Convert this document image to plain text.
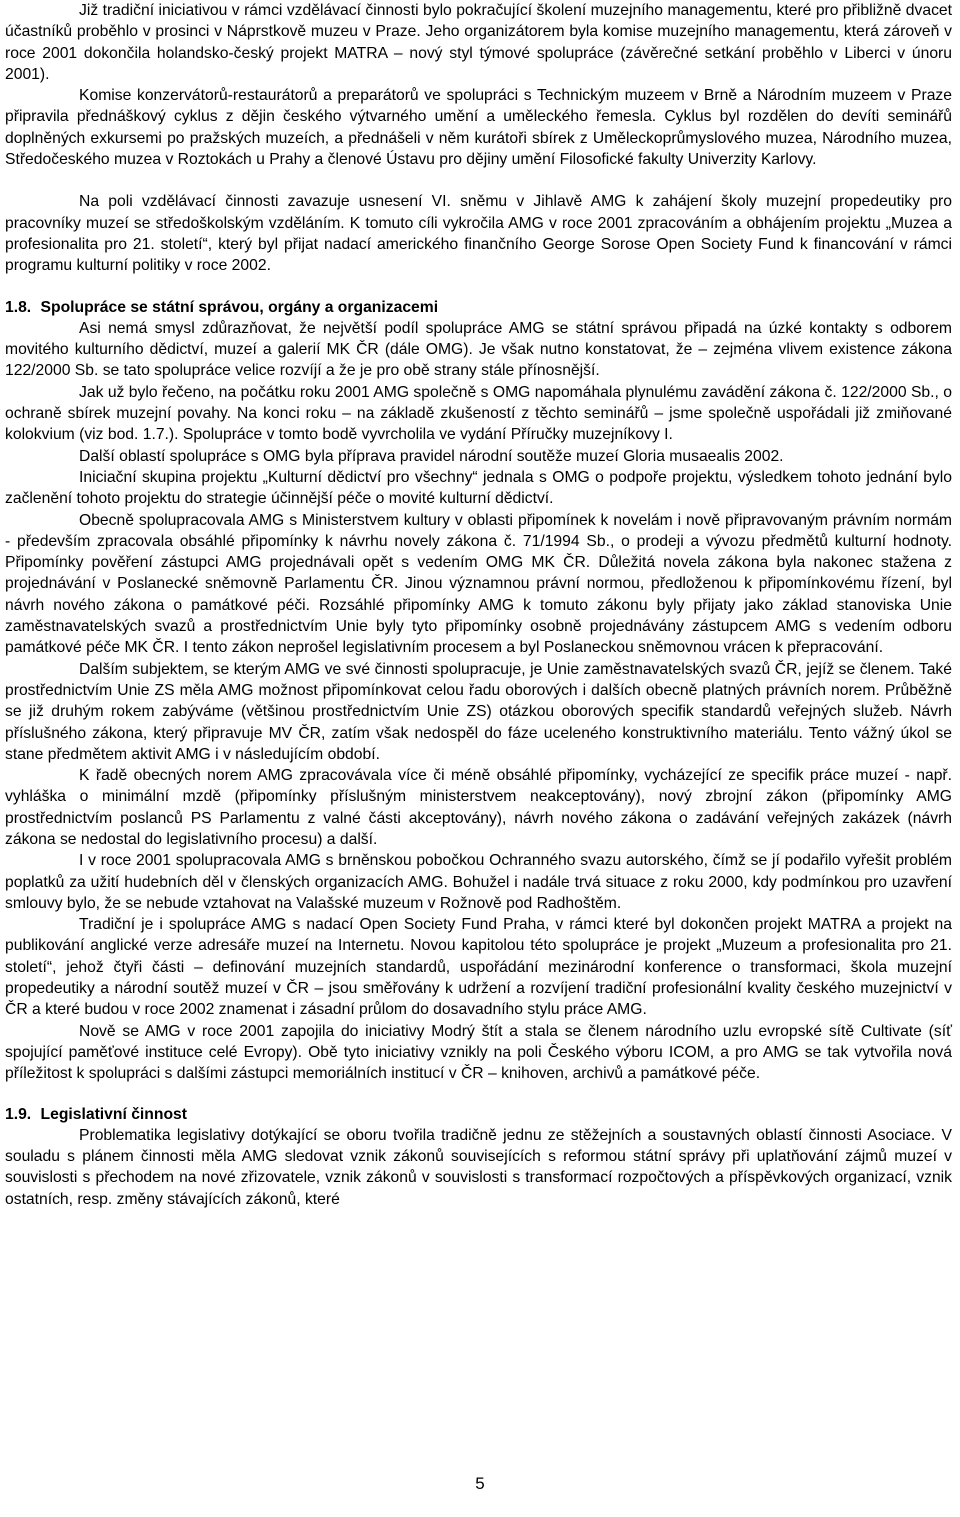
Již tradiční iniciativou v rámci vzdělávací činnosti bylo pokračující školení muzejního managementu, které pro přibližně dvacet účastníků proběhlo v prosinci v Náprstkově muzeu v Praze. Jeho organizátorem byla komise muzejního managementu, která zároveň v roce 2001 dokončila holandsko-český projekt MATRA – nový styl týmové spolupráce (závěrečné setkání proběhlo v Liberci v únoru 2001).

Komise konzervátorů-restaurátorů a preparátorů ve spolupráci s Technickým muzeem v Brně a Národním muzeem v Praze připravila přednáškový cyklus z dějin českého výtvarného umění a uměleckého řemesla. Cyklus byl rozdělen do devíti seminářů doplněných exkursemi po pražských muzeích, a přednášeli v něm kurátoři sbírek z Uměleckoprůmyslového muzea, Národního muzea, Středočeského muzea v Roztokách u Prahy a členové Ústavu pro dějiny umění Filosofické fakulty Univerzity Karlovy.

Na poli vzdělávací činnosti zavazuje usnesení VI. sněmu v Jihlavě AMG k zahájení školy muzejní propedeutiky pro pracovníky muzeí se středoškolským vzděláním. K tomuto cíli vykročila AMG v roce 2001 zpracováním a obhájením projektu „Muzea a profesionalita pro 21. století“, který byl přijat nadací amerického finančního George Sorose Open Society Fund k financování v rámci programu kulturní politiky v roce 2002.

1.8. Spolupráce se státní správou, orgány a organizacemi

Asi nemá smysl zdůrazňovat, že největší podíl spolupráce AMG se státní správou připadá na úzké kontakty s odborem movitého kulturního dědictví, muzeí a galerií MK ČR (dále OMG). Je však nutno konstatovat, že – zejména vlivem existence zákona 122/2000 Sb. se tato spolupráce velice rozvíjí a že je pro obě strany stále přínosnější.

Jak už bylo řečeno, na počátku roku 2001 AMG společně s OMG napomáhala plynulému zavádění zákona č. 122/2000 Sb., o ochraně sbírek muzejní povahy. Na konci roku – na základě zkušeností z těchto seminářů – jsme společně uspořádali již zmiňované kolokvium (viz bod. 1.7.). Spolupráce v tomto bodě vyvrcholila ve vydání Příručky muzejníkovy I.

Další oblastí spolupráce s OMG byla příprava pravidel národní soutěže muzeí Gloria musaealis 2002.

Iniciační skupina projektu „Kulturní dědictví pro všechny“ jednala s OMG o podpoře projektu, výsledkem tohoto jednání bylo začlenění tohoto projektu do strategie účinnější péče o movité kulturní dědictví.

Obecně spolupracovala AMG s Ministerstvem kultury v oblasti připomínek k novelám i nově připravovaným právním normám - především zpracovala obsáhlé připomínky k návrhu novely zákona č. 71/1994 Sb., o prodeji a vývozu předmětů kulturní hodnoty. Připomínky pověření zástupci AMG projednávali opět s vedením OMG MK ČR. Důležitá novela zákona byla nakonec stažena z projednávání v Poslanecké sněmovně Parlamentu ČR. Jinou významnou právní normou, předloženou k připomínkovému řízení, byl návrh nového zákona o památkové péči. Rozsáhlé připomínky AMG k tomuto zákonu byly přijaty jako základ stanoviska Unie zaměstnavatelských svazů a prostřednictvím Unie byly tyto připomínky osobně projednávány zástupcem AMG s vedením odboru památkové péče MK ČR. I tento zákon neprošel legislativním procesem a byl Poslaneckou sněmovnou vrácen k přepracování.

Dalším subjektem, se kterým AMG ve své činnosti spolupracuje, je Unie zaměstnavatelských svazů ČR, jejíž se členem. Také prostřednictvím Unie ZS měla AMG možnost připomínkovat celou řadu oborových i dalších obecně platných právních norem. Průběžně se již druhým rokem zabýváme (většinou prostřednictvím Unie ZS) otázkou oborových specifik standardů veřejných služeb. Návrh příslušného zákona, který připravuje MV ČR, zatím však nedospěl do fáze uceleného konstruktivního materiálu. Tento vážný úkol se stane předmětem aktivit AMG i v následujícím období.

K řadě obecných norem AMG zpracovávala více či méně obsáhlé připomínky, vycházející ze specifik práce muzeí - např. vyhláška o minimální mzdě (připomínky příslušným ministerstvem neakceptovány), nový zbrojní zákon (připomínky AMG prostřednictvím poslanců PS Parlamentu z valné části akceptovány), návrh nového zákona o zadávání veřejných zakázek (návrh zákona se nedostal do legislativního procesu) a další.

I v roce 2001 spolupracovala AMG s brněnskou pobočkou Ochranného svazu autorského, čímž se jí podařilo vyřešit problém poplatků za užití hudebních děl v členských organizacích AMG. Bohužel i nadále trvá situace z roku 2000, kdy podmínkou pro uzavření smlouvy bylo, že se nebude vztahovat na Valašské muzeum v Rožnově pod Radhoštěm.

Tradiční je i spolupráce AMG s nadací Open Society Fund Praha, v rámci které byl dokončen projekt MATRA a projekt na publikování anglické verze adresáře muzeí na Internetu. Novou kapitolou této spolupráce je projekt „Muzeum a profesionalita pro 21. století“, jehož čtyři části – definování muzejních standardů, uspořádání mezinárodní konference o transformaci, škola muzejní propedeutiky a národní soutěž muzeí v ČR – jsou směřovány k udržení a rozvíjení tradiční profesionální kvality českého muzejnictví v ČR a které budou v roce 2002 znamenat i zásadní průlom do dosavadního stylu práce AMG.

Nově se AMG v roce 2001 zapojila do iniciativy Modrý štít a stala se členem národního uzlu evropské sítě Cultivate (síť spojující paměťové instituce celé Evropy). Obě tyto iniciativy vznikly na poli Českého výboru ICOM, a pro AMG se tak vytvořila nová příležitost k spolupráci s dalšími zástupci memoriálních institucí v ČR – knihoven, archivů a památkové péče.

1.9. Legislativní činnost

Problematika legislativy dotýkající se oboru tvořila tradičně jednu ze stěžejních a soustavných oblastí činnosti Asociace. V souladu s plánem činnosti měla AMG sledovat vznik zákonů souvisejících s reformou státní správy při uplatňování zájmů muzeí v souvislosti s přechodem na nové zřizovatele, vznik zákonů v souvislosti s transformací rozpočtových a příspěvkových organizací, vznik ostatních, resp. změny stávajících zákonů, které

5
